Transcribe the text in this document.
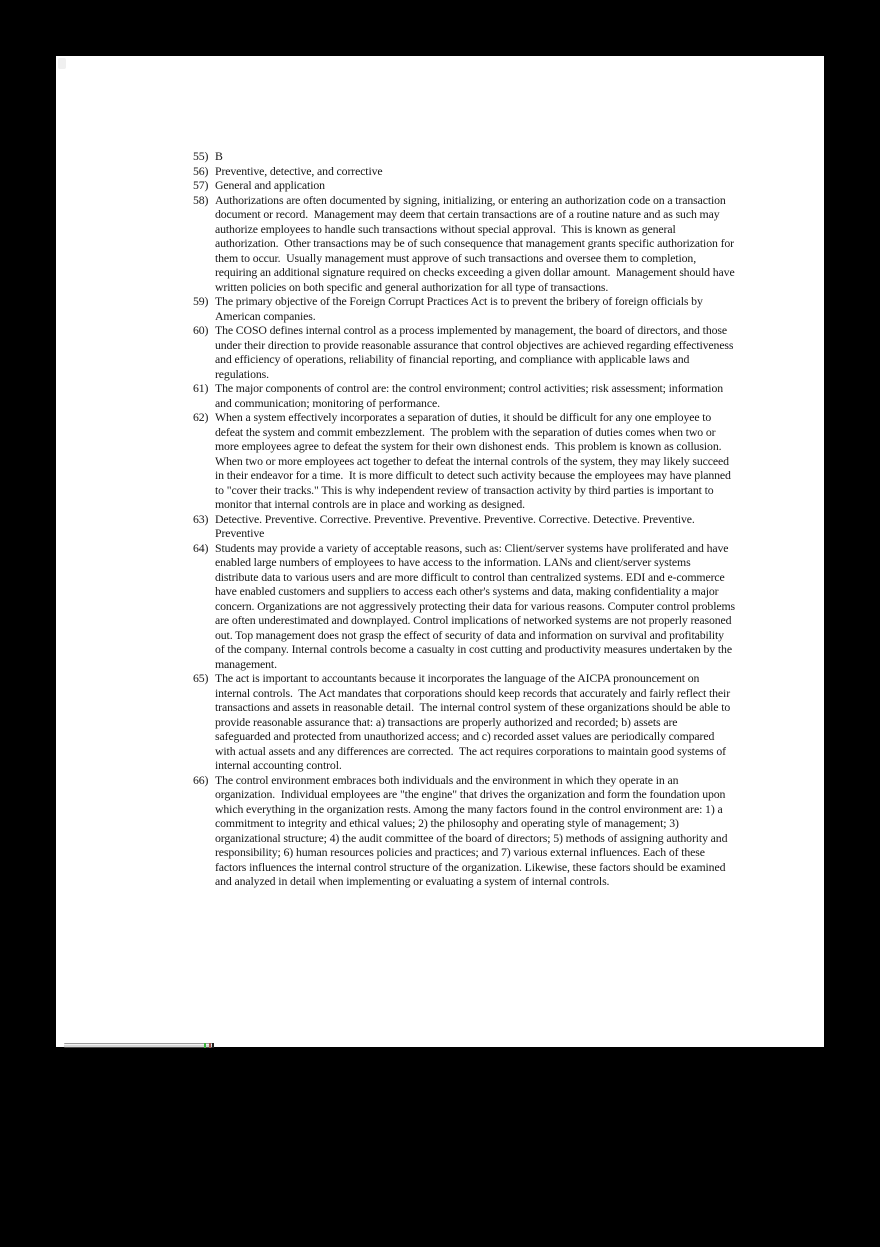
55) B
56) Preventive, detective, and corrective
57) General and application
58) Authorizations are often documented by signing, initializing, or entering an authorization code on a transaction document or record.  Management may deem that certain transactions are of a routine nature and as such may authorize employees to handle such transactions without special approval.  This is known as general authorization.  Other transactions may be of such consequence that management grants specific authorization for them to occur.  Usually management must approve of such transactions and oversee them to completion, requiring an additional signature required on checks exceeding a given dollar amount.  Management should have written policies on both specific and general authorization for all type of transactions.
59) The primary objective of the Foreign Corrupt Practices Act is to prevent the bribery of foreign officials by American companies.
60) The COSO defines internal control as a process implemented by management, the board of directors, and those under their direction to provide reasonable assurance that control objectives are achieved regarding effectiveness and efficiency of operations, reliability of financial reporting, and compliance with applicable laws and regulations.
61) The major components of control are: the control environment; control activities; risk assessment; information and communication; monitoring of performance.
62) When a system effectively incorporates a separation of duties, it should be difficult for any one employee to defeat the system and commit embezzlement.  The problem with the separation of duties comes when two or more employees agree to defeat the system for their own dishonest ends.  This problem is known as collusion.  When two or more employees act together to defeat the internal controls of the system, they may likely succeed in their endeavor for a time.  It is more difficult to detect such activity because the employees may have planned to "cover their tracks." This is why independent review of transaction activity by third parties is important to monitor that internal controls are in place and working as designed.
63) Detective. Preventive. Corrective. Preventive. Preventive. Preventive. Corrective. Detective. Preventive. Preventive
64) Students may provide a variety of acceptable reasons, such as: Client/server systems have proliferated and have enabled large numbers of employees to have access to the information. LANs and client/server systems distribute data to various users and are more difficult to control than centralized systems. EDI and e-commerce have enabled customers and suppliers to access each other's systems and data, making confidentiality a major concern. Organizations are not aggressively protecting their data for various reasons. Computer control problems are often underestimated and downplayed. Control implications of networked systems are not properly reasoned out. Top management does not grasp the effect of security of data and information on survival and profitability of the company. Internal controls become a casualty in cost cutting and productivity measures undertaken by the management.
65) The act is important to accountants because it incorporates the language of the AICPA pronouncement on internal controls.  The Act mandates that corporations should keep records that accurately and fairly reflect their transactions and assets in reasonable detail.  The internal control system of these organizations should be able to provide reasonable assurance that: a) transactions are properly authorized and recorded; b) assets are safeguarded and protected from unauthorized access; and c) recorded asset values are periodically compared with actual assets and any differences are corrected.  The act requires corporations to maintain good systems of internal accounting control.
66) The control environment embraces both individuals and the environment in which they operate in an organization.  Individual employees are "the engine" that drives the organization and form the foundation upon which everything in the organization rests. Among the many factors found in the control environment are: 1) a commitment to integrity and ethical values; 2) the philosophy and operating style of management; 3) organizational structure; 4) the audit committee of the board of directors; 5) methods of assigning authority and responsibility; 6) human resources policies and practices; and 7) various external influences. Each of these factors influences the internal control structure of the organization. Likewise, these factors should be examined and analyzed in detail when implementing or evaluating a system of internal controls.
